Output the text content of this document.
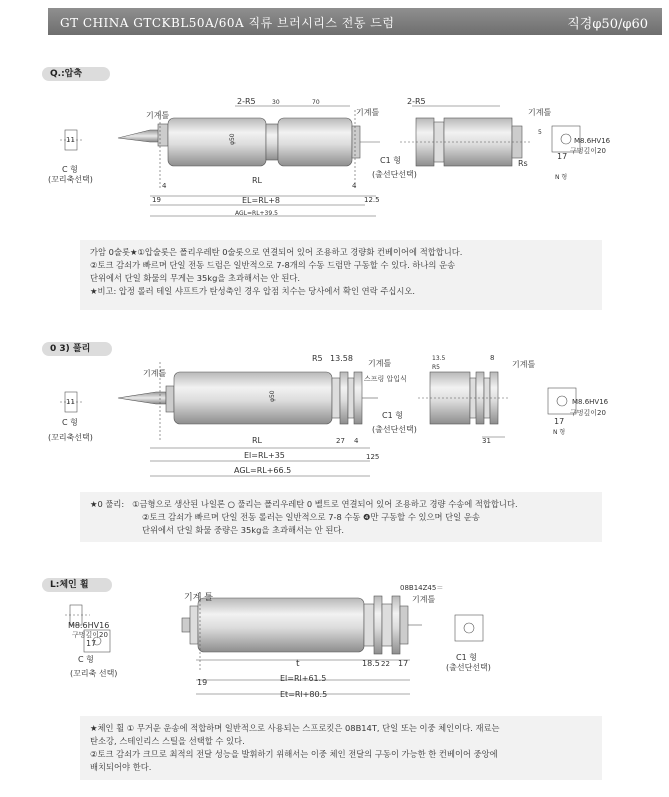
GT CHINA GTCKBL50A/60A 직류 브러시리스 전동 드럼	직경φ50/φ60
Q.:압축
기계틀
2-R5	30	70
기계틀
2-R5
기계틀
φ50
19
RL
4	4
12.5
EL=RL+8
AGL=RL+39.5
11
C 형
(꼬리축선택)
C1 형
(출선단선택)
Rs
5
M8.6HV16
구멍깊이20
17
N 형
R5 13.58
기계틀
기계틀
스프링 압입식
기계틀
φ50
RL	27 4
125
El=RL+35
AGL=RL+66.5
11
C 형
(꼬리축선택)
C1 형
(출선단선택)
13.5	8
R5
31
M8.6HV16
구멍깊이20
17
N 형
기계 틀
M8.6HV16
구멍깊이20
17
C 형
(꼬리축 선택)
08B14Z45＝
기계틀
t	18.5 22 17
19	El=Rl+61.5
Et=Rl+80.5
C1 형
(출선단선택)

가암 0술롯★①압술롯은 폴리우레탄 0술롯으로 연결되어 있어 조용하고 경량화 컨베이어에 적합합니다.

②토크 감쇠가 빠르며 단일 전동 드럼은 일반적으로 7-8개의 수동 드럼만 구동할 수 있다. 하나의 운송

단위에서 단일 화물의 무게는 35kg을 초과해서는 안 된다.

★비고: 압정 롤러 테일 샤프트가 탄성축인 경우 압점 치수는 당사에서 확인 연락 주십시오.

0 3) 풀리

★0 풀리: ①금형으로 생산된 나일론 ○ 풀리는 폴리우레탄 0 벨트로 연결되어 있어 조용하고 경량 수송에 적합합니다.

②토크 감쇠가 빠르며 단일 전동 롤러는 일반적으로 7-8 수동 ❹만 구동할 수 있으며 단일 운송

단위에서 단일 화물 중량은 35kg을 초과해서는 안 된다.

L:체인 휠

★체인 휠 ① 무거운 운송에 적합하며 일반적으로 사용되는 스프로킷은 08B14T, 단일 또는 이중 체인이다. 재료는

탄소강, 스테인리스 스틸을 선택할 수 있다.

②토크 감쇠가 크므로 최적의 전달 성능을 발휘하기 위해서는 이중 체인 전달의 구동이 가능한 한 컨베이어 중앙에

배치되어야 한다.
